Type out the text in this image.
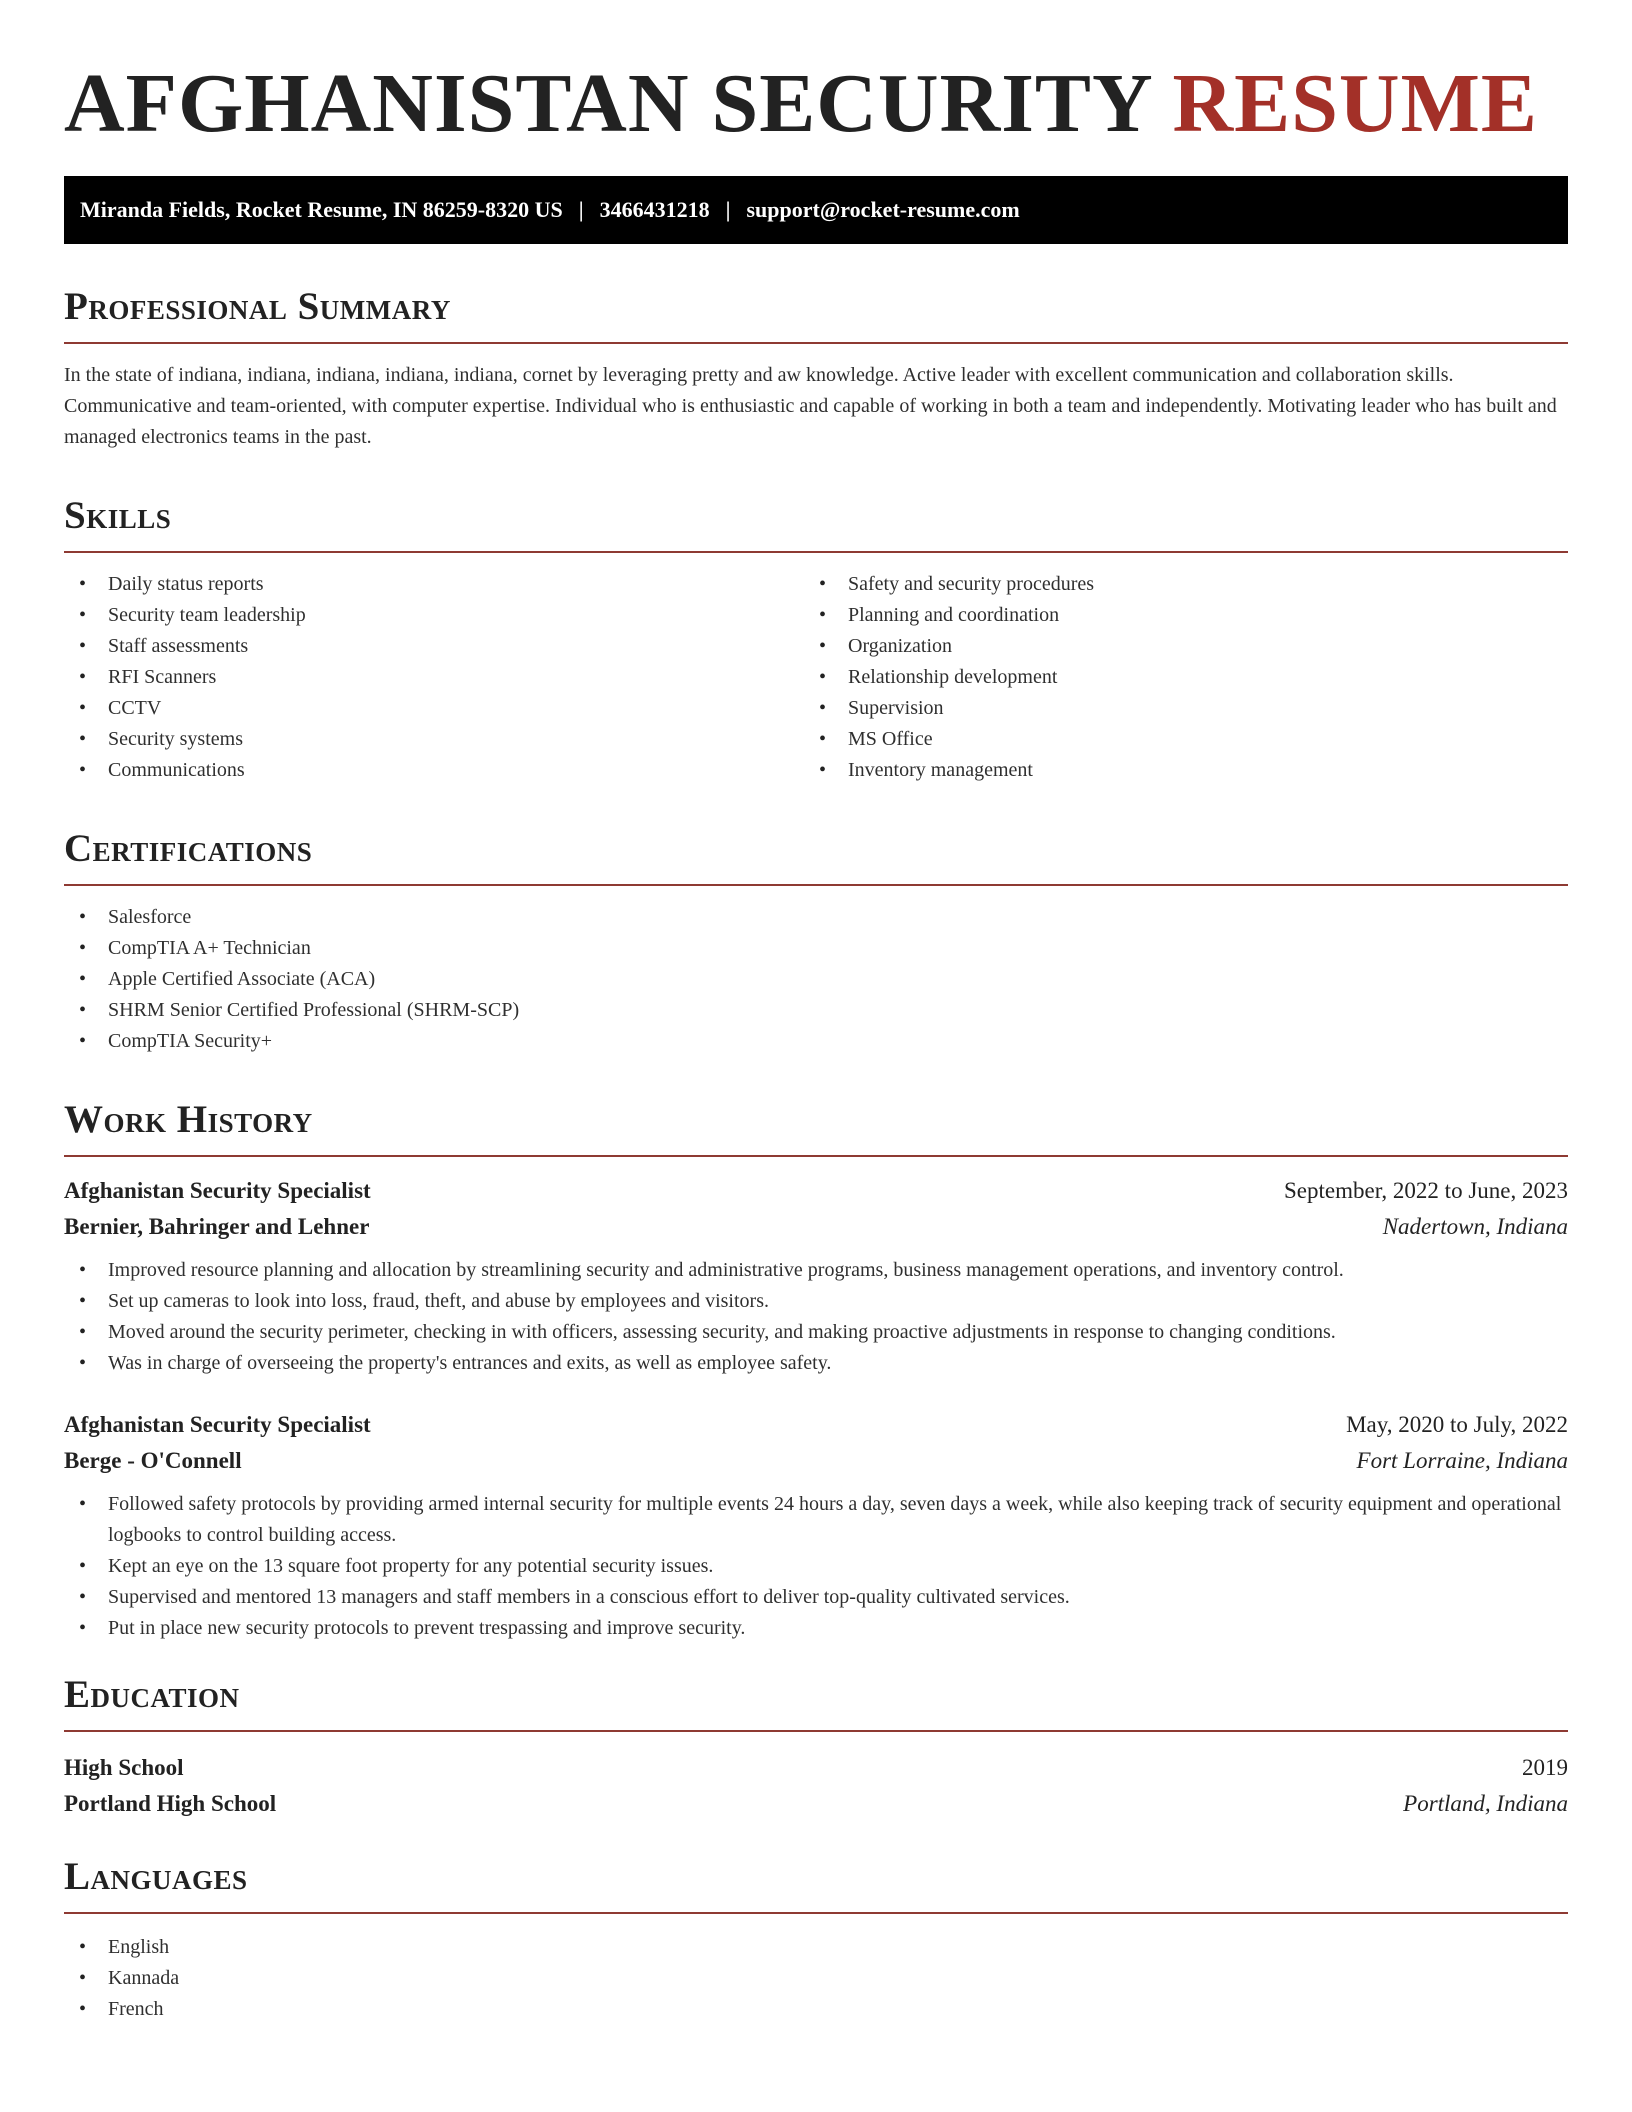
AFGHANISTAN SECURITY RESUME
Miranda Fields, Rocket Resume, IN 86259-8320 US | 3466431218 | support@rocket-resume.com
Professional Summary

In the state of indiana, indiana, indiana, indiana, indiana, cornet by leveraging pretty and aw knowledge. Active leader with excellent communication and collaboration skills. Communicative and team-oriented, with computer expertise. Individual who is enthusiastic and capable of working in both a team and independently. Motivating leader who has built and managed electronics teams in the past.

Skills
• Daily status reports
• Security team leadership
• Staff assessments
• RFI Scanners
• CCTV
• Security systems
• Communications
• Safety and security procedures
• Planning and coordination
• Organization
• Relationship development
• Supervision
• MS Office
• Inventory management
Certifications
• Salesforce
• CompTIA A+ Technician
• Apple Certified Associate (ACA)
• SHRM Senior Certified Professional (SHRM-SCP)
• CompTIA Security+
Work History
Afghanistan Security Specialist	September, 2022 to June, 2023
Bernier, Bahringer and Lehner	Nadertown, Indiana
• Improved resource planning and allocation by streamlining security and administrative programs, business management operations, and inventory control.
• Set up cameras to look into loss, fraud, theft, and abuse by employees and visitors.
• Moved around the security perimeter, checking in with officers, assessing security, and making proactive adjustments in response to changing conditions.
• Was in charge of overseeing the property's entrances and exits, as well as employee safety.
Afghanistan Security Specialist	May, 2020 to July, 2022
Berge - O'Connell	Fort Lorraine, Indiana
• Followed safety protocols by providing armed internal security for multiple events 24 hours a day, seven days a week, while also keeping track of security equipment and operational logbooks to control building access.
• Kept an eye on the 13 square foot property for any potential security issues.
• Supervised and mentored 13 managers and staff members in a conscious effort to deliver top-quality cultivated services.
• Put in place new security protocols to prevent trespassing and improve security.
Education
High School	2019
Portland High School	Portland, Indiana
Languages
• English
• Kannada
• French
